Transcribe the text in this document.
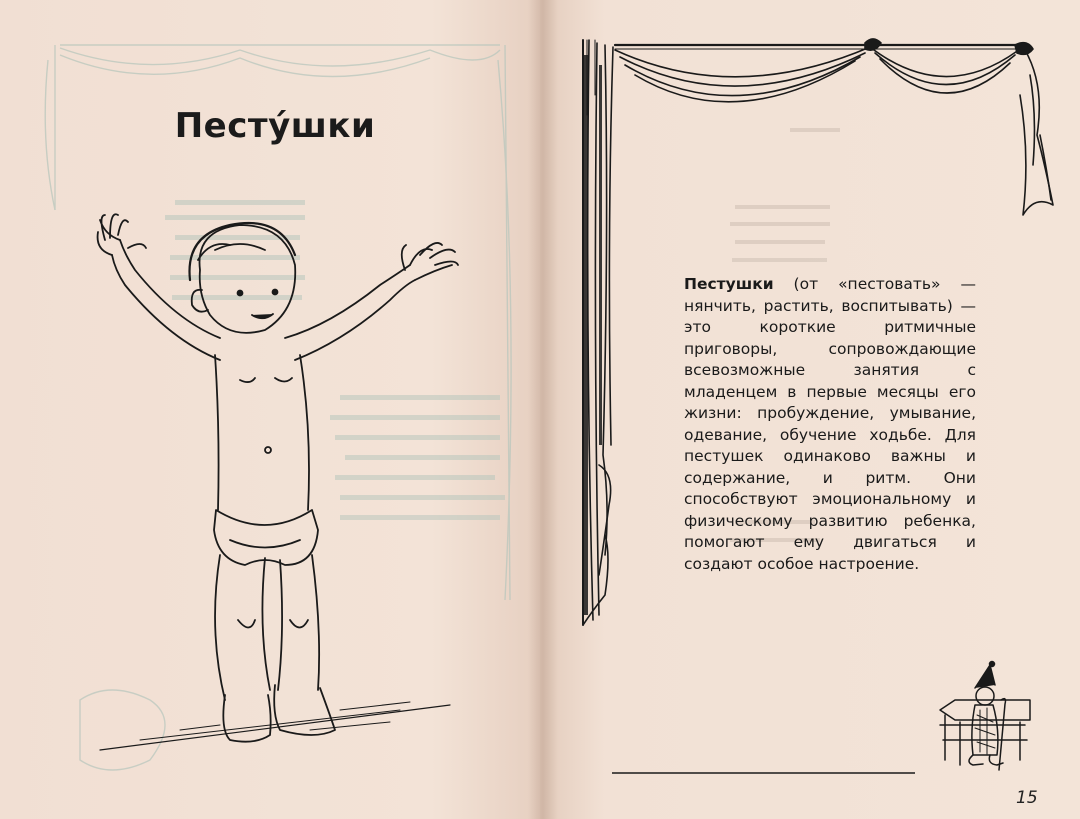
Пестýшки
Пестушки (от «пестовать» — нянчить, растить, воспитывать) — это короткие ритмичные приговоры, сопровождающие всевозможные занятия с младенцем в первые месяцы его жизни: пробуждение, умывание, одевание, обучение ходьбе. Для пестушек одинаково важны и содержание, и ритм. Они способствуют эмоциональному и физическому развитию ребенка, помогают ему двигаться и создают особое настроение.
15
